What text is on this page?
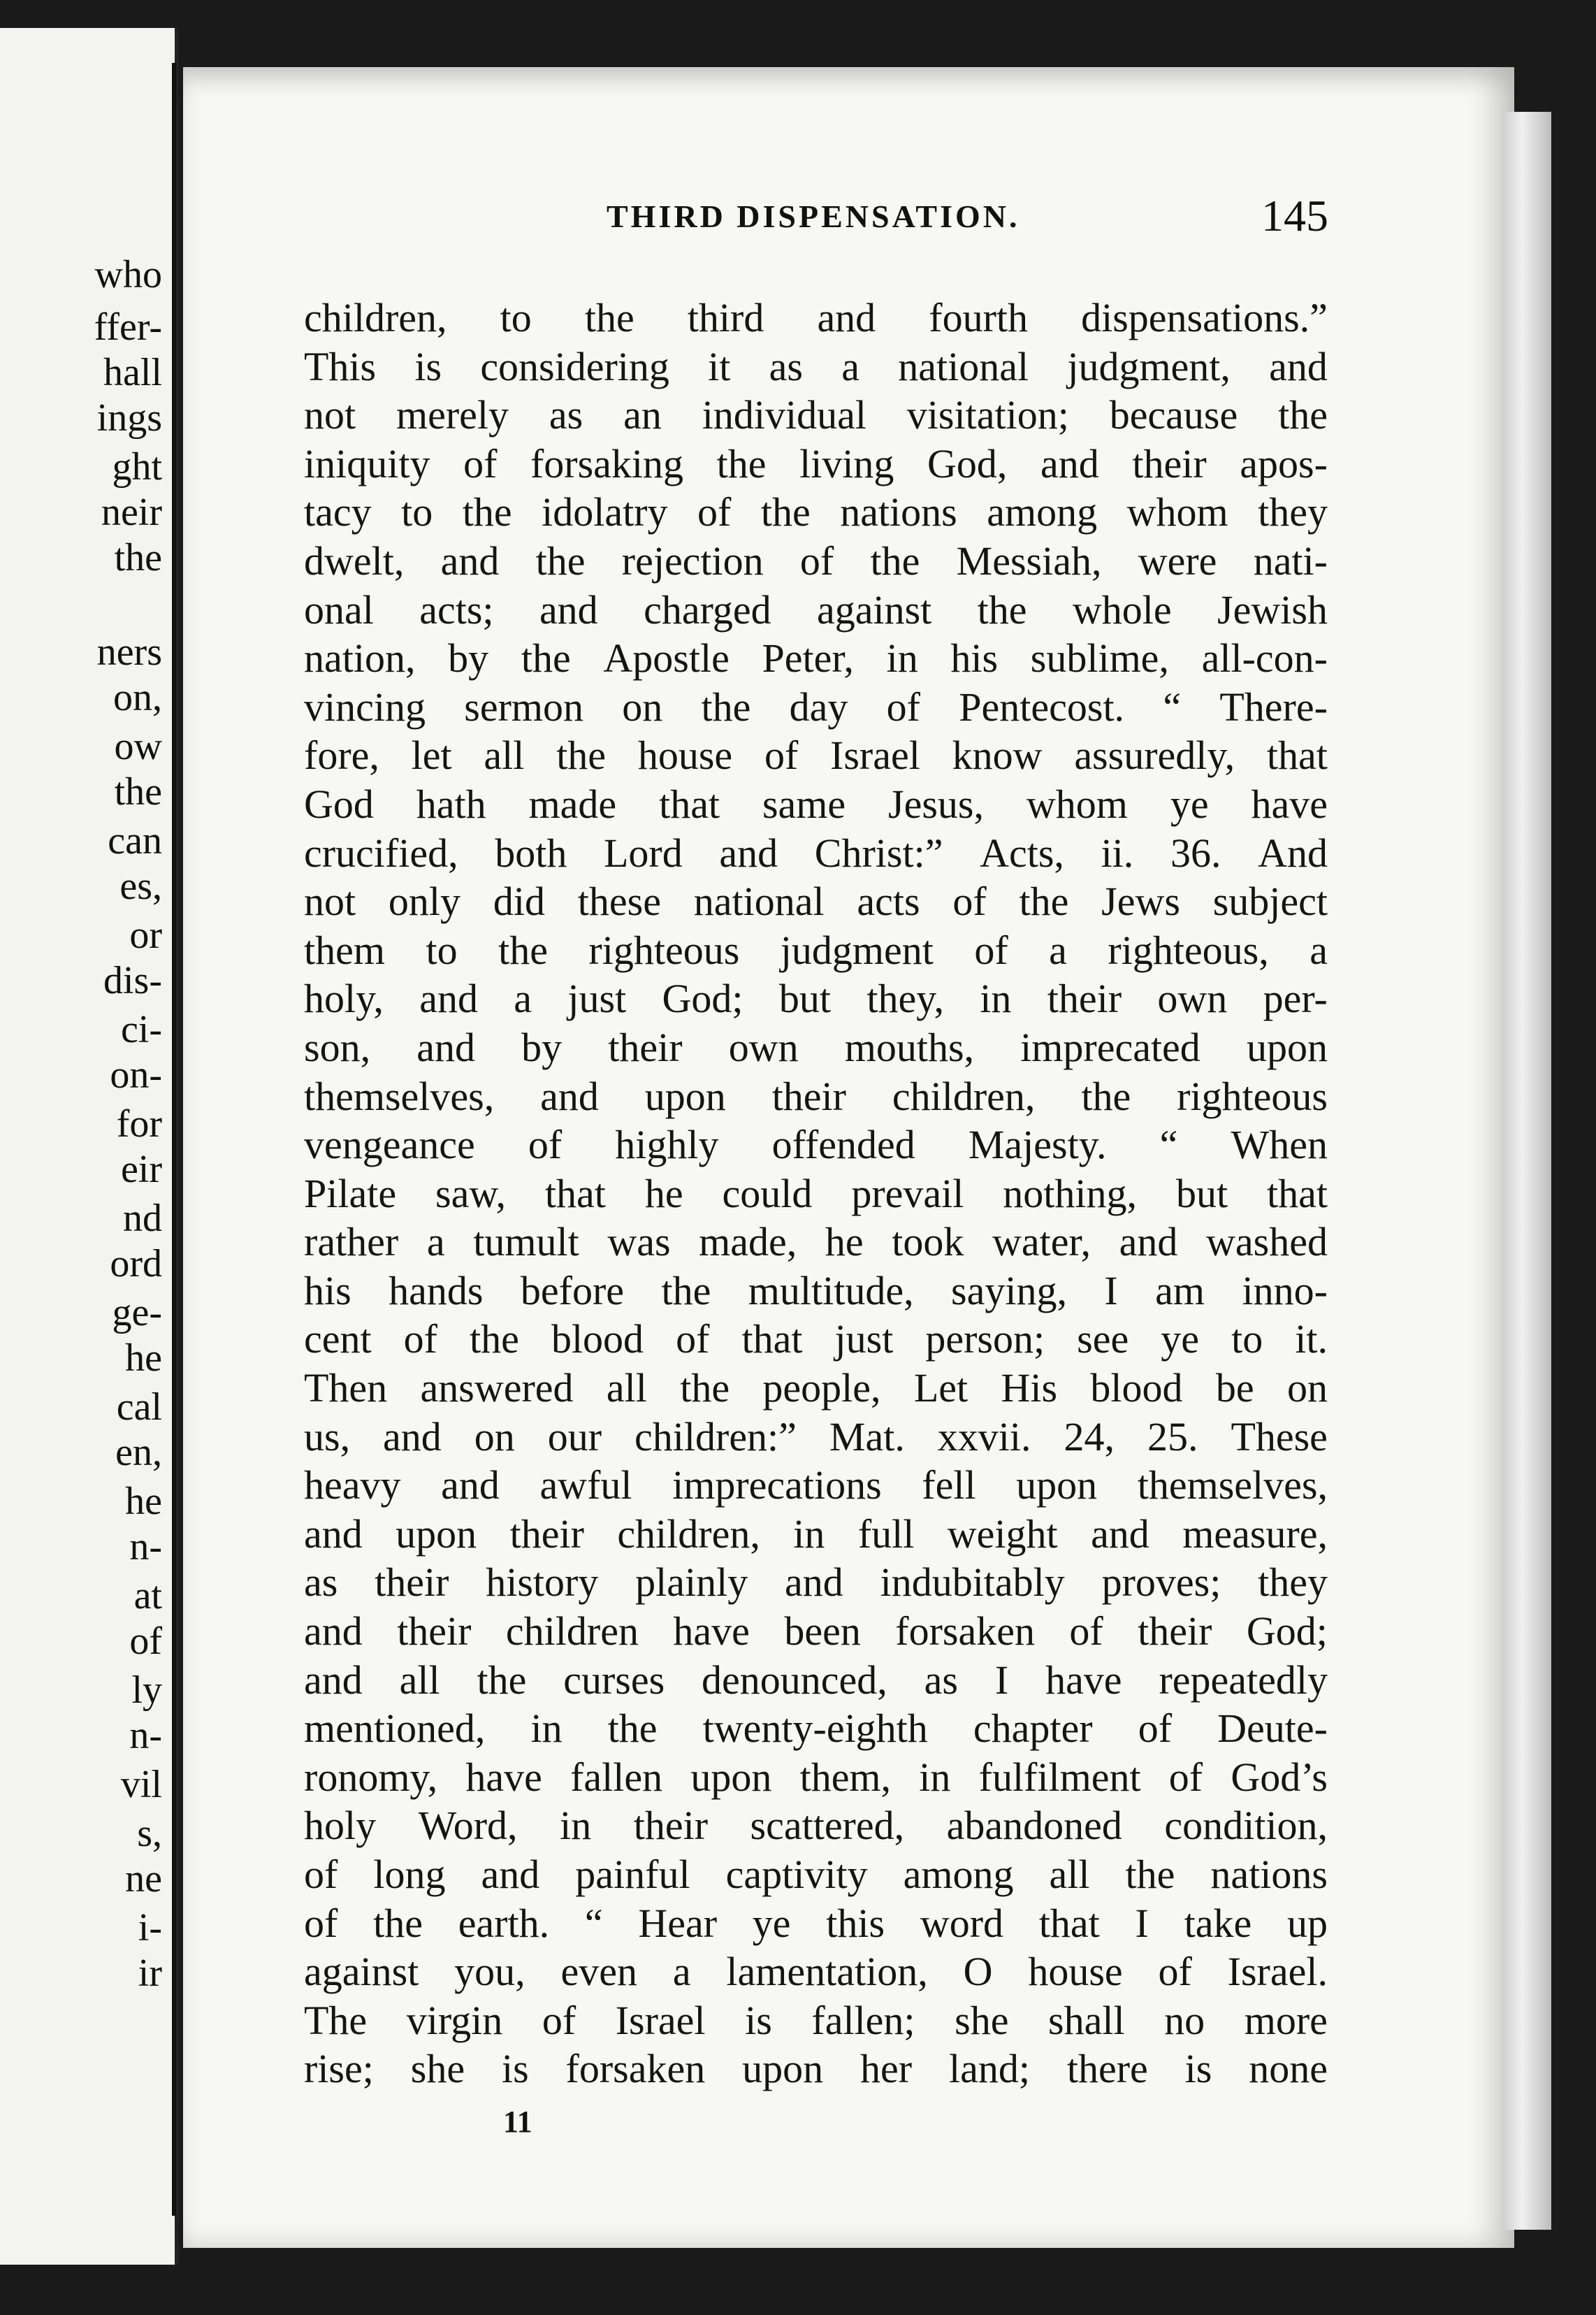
who
ffer-
hall
ings
ght
neir
the
ners
on,
ow
the
can
es,
or
dis-
ci-
on-
for
eir
nd
ord
ge-
he
cal
en,
he
n-
at
of
ly
n-
vil
s,
ne
i-
ir
THIRD DISPENSATION.	145
children, to the third and fourth dispensations.”
This is considering it as a national judgment, and
not merely as an individual visitation; because the
iniquity of forsaking the living God, and their apos-
tacy to the idolatry of the nations among whom they
dwelt, and the rejection of the Messiah, were nati-
onal acts; and charged against the whole Jewish
nation, by the Apostle Peter, in his sublime, all-con-
vincing sermon on the day of Pentecost. “ There-
fore, let all the house of Israel know assuredly, that
God hath made that same Jesus, whom ye have
crucified, both Lord and Christ:” Acts, ii. 36. And
not only did these national acts of the Jews subject
them to the righteous judgment of a righteous, a
holy, and a just God; but they, in their own per-
son, and by their own mouths, imprecated upon
themselves, and upon their children, the righteous
vengeance of highly offended Majesty. “ When
Pilate saw, that he could prevail nothing, but that
rather a tumult was made, he took water, and washed
his hands before the multitude, saying, I am inno-
cent of the blood of that just person; see ye to it.
Then answered all the people, Let His blood be on
us, and on our children:” Mat. xxvii. 24, 25. These
heavy and awful imprecations fell upon themselves,
and upon their children, in full weight and measure,
as their history plainly and indubitably proves; they
and their children have been forsaken of their God;
and all the curses denounced, as I have repeatedly
mentioned, in the twenty-eighth chapter of Deute-
ronomy, have fallen upon them, in fulfilment of God’s
holy Word, in their scattered, abandoned condition,
of long and painful captivity among all the nations
of the earth. “ Hear ye this word that I take up
against you, even a lamentation, O house of Israel.
The virgin of Israel is fallen; she shall no more
rise; she is forsaken upon her land; there is none
11
